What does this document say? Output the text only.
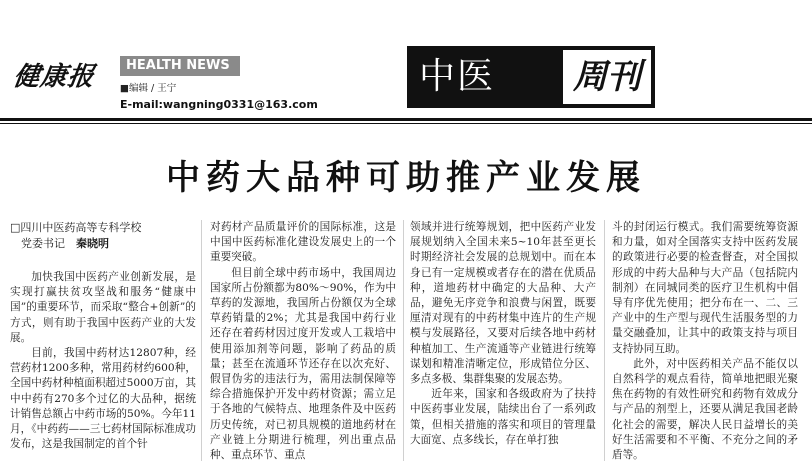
健康报	HEALTH NEWS
■编辑 / 王宁
E-mail:wangning0331@163.com
中医	周刊
中药大品种可助推产业发展
□四川中医药高等专科学校
　党委书记　 秦晓明

加快我国中医药产业创新发展，是实现打赢扶贫攻坚战和服务“健康中国”的重要环节，而采取“整合+创新”的方式，则有助于我国中医药产业的大发展。

目前，我国中药材达12807种，经营药材1200多种，常用药材约600种，全国中药材种植面积超过5000万亩，其中中药有270多个过亿的大品种，据统计销售总额占中药市场的50%。今年11月，《中药药——三七药材国际标准成功发布，这是我国制定的首个针

对药材产品质量评价的国际标准，这是中国中医药标准化建设发展史上的一个重要突破。

但目前全球中药市场中，我国周边国家所占份额都为80%～90%，作为中草药的发源地，我国所占份额仅为全球草药销量的2%；尤其是我国中药行业还存在着药材因过度开发或人工栽培中使用添加剂等问题，影响了药品的质量；甚至在流通环节还存在以次充好、假冒伪劣的违法行为，需用法制保障等综合措施保护开发中药材资源；需立足于各地的气候特点、地理条件及中医药历史传统，对已初具规模的道地药材在产业链上分期进行梳理，列出重点品种、重点环节、重点

领域并进行统筹规划，把中医药产业发展规划纳入全国未来5~10年甚至更长时期经济社会发展的总规划中。而在本身已有一定规模或者存在的潜在优质品种，道地药材中确定的大品种、大产品，避免无序竞争和浪费与闲置，既要厘清对现有的中药材集中连片的生产规模与发展路径，又要对后续各地中药材种植加工、生产流通等产业链进行统筹谋划和精准清晰定位，形成错位分区、多点多极、集群集聚的发展态势。

近年来，国家和各级政府为了扶持中医药事业发展，陆续出台了一系列政策，但相关措施的落实和项目的管理量大面宽、点多线长，存在单打独

斗的封闭运行模式。我们需要统筹资源和力量，如对全国落实支持中医药发展的政策进行必要的检查督查，对全国拟形成的中药大品种与大产品（包括院内制剂）在同城同类的医疗卫生机构中倡导有序优先使用；把分布在一、二、三产业中的生产型与现代生活服务型的力量交融叠加，让其中的政策支持与项目支持协同互助。

此外，对中医药相关产品不能仅以自然科学的观点看待，简单地把眼光聚焦在药物的有效性研究和药物有效成分与产品的剂型上，还要从满足我国老龄化社会的需要，解决人民日益增长的美好生活需要和不平衡、不充分之间的矛盾等。
